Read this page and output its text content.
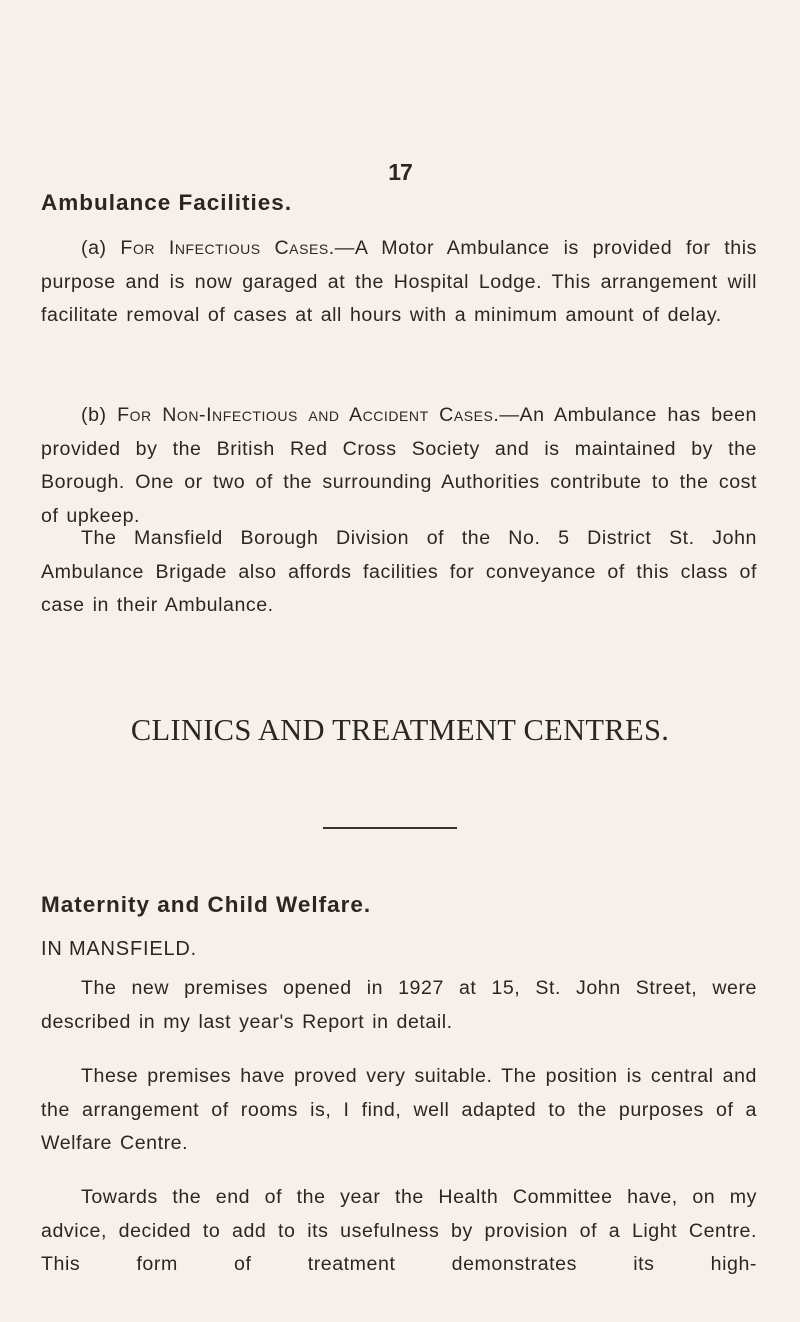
17
Ambulance Facilities.

(a) For Infectious Cases.—A Motor Ambulance is provided for this purpose and is now garaged at the Hospital Lodge. This arrangement will facilitate removal of cases at all hours with a minimum amount of delay.

(b) For Non-Infectious and Accident Cases.—An Ambulance has been provided by the British Red Cross Society and is maintained by the Borough. One or two of the surrounding Authorities contribute to the cost of upkeep.

The Mansfield Borough Division of the No. 5 District St. John Ambulance Brigade also affords facilities for conveyance of this class of case in their Ambulance.

CLINICS AND TREATMENT CENTRES.
Maternity and Child Welfare.
IN MANSFIELD.

The new premises opened in 1927 at 15, St. John Street, were described in my last year's Report in detail.

These premises have proved very suitable. The position is central and the arrangement of rooms is, I find, well adapted to the purposes of a Welfare Centre.

Towards the end of the year the Health Committee have, on my advice, decided to add to its usefulness by provision of a Light Centre. This form of treatment demonstrates its high-
